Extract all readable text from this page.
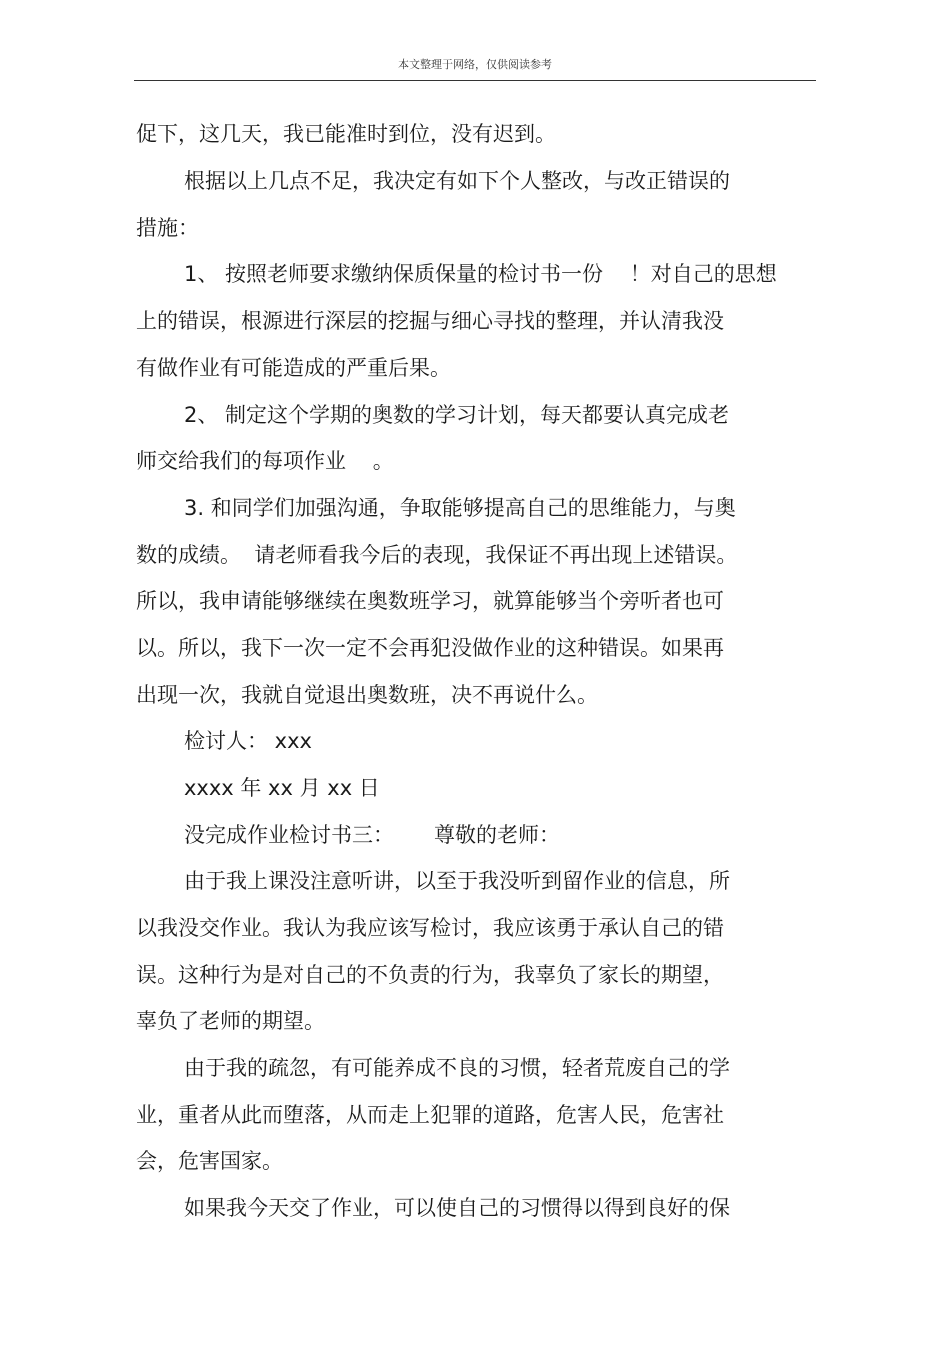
本文整理于网络，仅供阅读参考
促下，这几天，我已能准时到位，没有迟到。
根据以上几点不足，我决定有如下个人整改，与改正错误的
措施：
1、 按照老师要求缴纳保质保量的检讨书一份    ！对自己的思想
上的错误，根源进行深层的挖掘与细心寻找的整理，并认清我没
有做作业有可能造成的严重后果。
2、 制定这个学期的奥数的学习计划，每天都要认真完成老
师交给我们的每项作业    。
3. 和同学们加强沟通，争取能够提高自己的思维能力，与奥
数的成绩。  请老师看我今后的表现，我保证不再出现上述错误。
所以，我申请能够继续在奥数班学习，就算能够当个旁听者也可
以。所以，我下一次一定不会再犯没做作业的这种错误。如果再
出现一次，我就自觉退出奥数班，决不再说什么。
检讨人： xxx
xxxx 年 xx 月 xx 日
没完成作业检讨书三：      尊敬的老师：
由于我上课没注意听讲，以至于我没听到留作业的信息，所
以我没交作业。我认为我应该写检讨，我应该勇于承认自己的错
误。这种行为是对自己的不负责的行为，我辜负了家长的期望，
辜负了老师的期望。
由于我的疏忽，有可能养成不良的习惯，轻者荒废自己的学
业，重者从此而堕落，从而走上犯罪的道路，危害人民，危害社
会，危害国家。
如果我今天交了作业，可以使自己的习惯得以得到良好的保
